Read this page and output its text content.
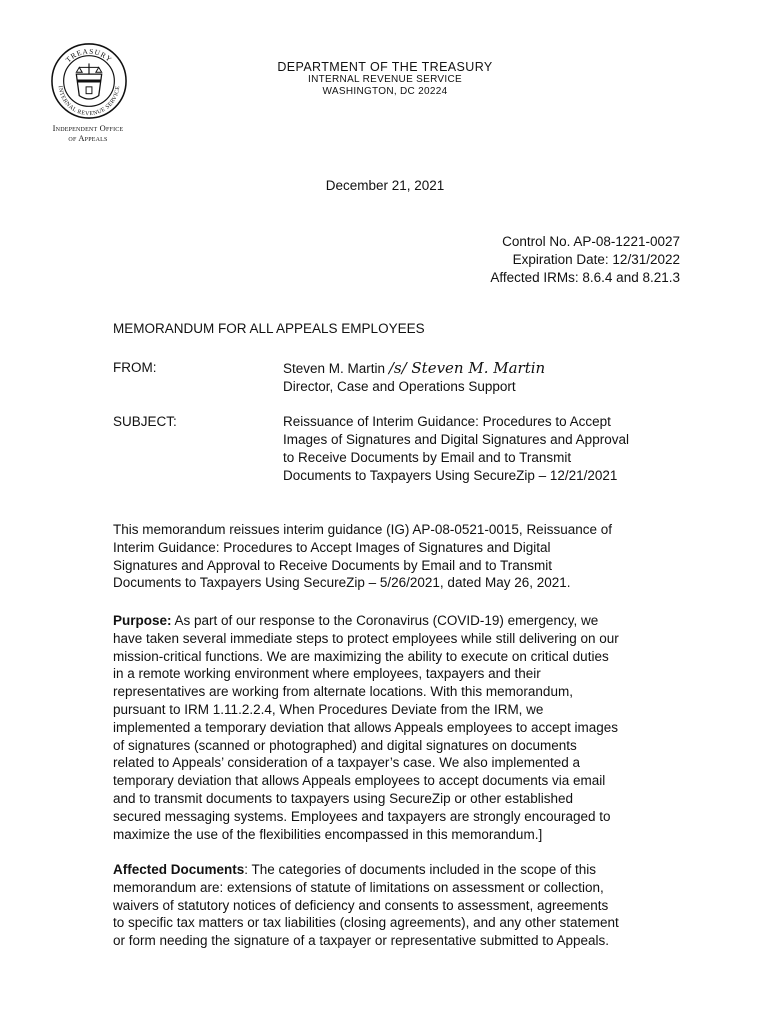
TREASURY
INTERNAL REVENUE SERVICE
Independent Office
of Appeals
DEPARTMENT OF THE TREASURY
INTERNAL REVENUE SERVICE
WASHINGTON, DC 20224
December 21, 2021
Control No. AP-08-1221-0027
Expiration Date: 12/31/2022
Affected IRMs: 8.6.4 and 8.21.3
MEMORANDUM FOR ALL APPEALS EMPLOYEES
FROM:	Steven M. Martin /s/ Steven M. Martin
Director, Case and Operations Support
SUBJECT:	Reissuance of Interim Guidance: Procedures to Accept
Images of Signatures and Digital Signatures and Approval
to Receive Documents by Email and to Transmit
Documents to Taxpayers Using SecureZip – 12/21/2021
This memorandum reissues interim guidance (IG) AP-08-0521-0015, Reissuance of
Interim Guidance: Procedures to Accept Images of Signatures and Digital
Signatures and Approval to Receive Documents by Email and to Transmit
Documents to Taxpayers Using SecureZip – 5/26/2021, dated May 26, 2021.
Purpose: As part of our response to the Coronavirus (COVID-19) emergency, we
have taken several immediate steps to protect employees while still delivering on our
mission-critical functions. We are maximizing the ability to execute on critical duties
in a remote working environment where employees, taxpayers and their
representatives are working from alternate locations. With this memorandum,
pursuant to IRM 1.11.2.2.4, When Procedures Deviate from the IRM, we
implemented a temporary deviation that allows Appeals employees to accept images
of signatures (scanned or photographed) and digital signatures on documents
related to Appeals’ consideration of a taxpayer’s case. We also implemented a
temporary deviation that allows Appeals employees to accept documents via email
and to transmit documents to taxpayers using SecureZip or other established
secured messaging systems. Employees and taxpayers are strongly encouraged to
maximize the use of the flexibilities encompassed in this memorandum.]
Affected Documents: The categories of documents included in the scope of this
memorandum are: extensions of statute of limitations on assessment or collection,
waivers of statutory notices of deficiency and consents to assessment, agreements
to specific tax matters or tax liabilities (closing agreements), and any other statement
or form needing the signature of a taxpayer or representative submitted to Appeals.
